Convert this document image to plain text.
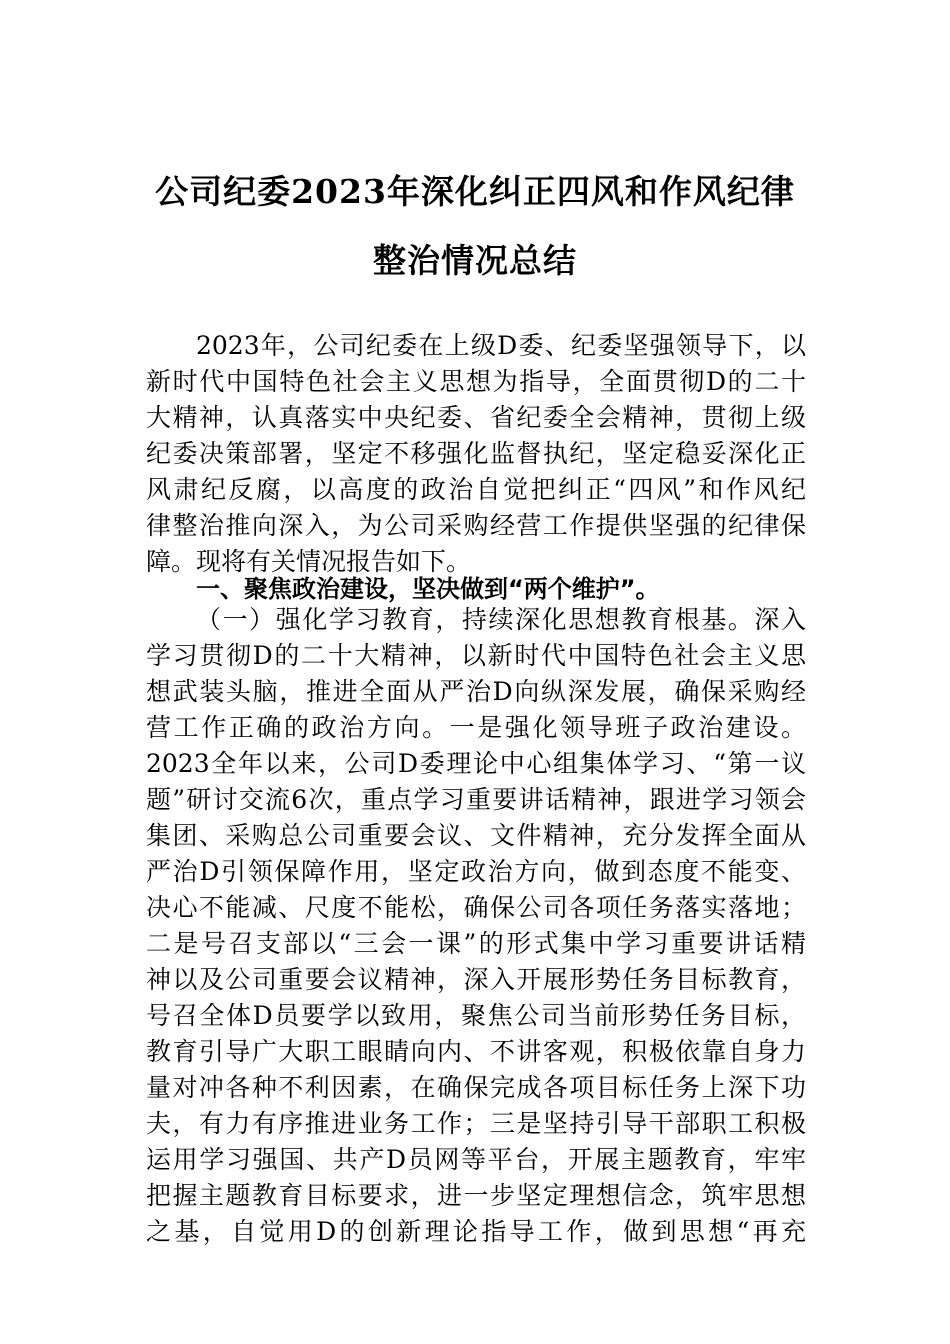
公司纪委2023年深化纠正四风和作风纪律
整治情况总结
2023年，公司纪委在上级D委、纪委坚强领导下，以
新时代中国特色社会主义思想为指导，全面贯彻D的二十
大精神，认真落实中央纪委、省纪委全会精神，贯彻上级
纪委决策部署，坚定不移强化监督执纪，坚定稳妥深化正
风肃纪反腐，以高度的政治自觉把纠正“四风”和作风纪
律整治推向深入，为公司采购经营工作提供坚强的纪律保
障。现将有关情况报告如下。
一、聚焦政治建设，坚决做到“两个维护”。
（一）强化学习教育，持续深化思想教育根基。深入
学习贯彻D的二十大精神，以新时代中国特色社会主义思
想武装头脑，推进全面从严治D向纵深发展，确保采购经
营工作正确的政治方向。一是强化领导班子政治建设。
2023全年以来，公司D委理论中心组集体学习、“第一议
题”研讨交流6次，重点学习重要讲话精神，跟进学习领会
集团、采购总公司重要会议、文件精神，充分发挥全面从
严治D引领保障作用，坚定政治方向，做到态度不能变、
决心不能减、尺度不能松，确保公司各项任务落实落地；
二是号召支部以“三会一课”的形式集中学习重要讲话精
神以及公司重要会议精神，深入开展形势任务目标教育，
号召全体D员要学以致用，聚焦公司当前形势任务目标，
教育引导广大职工眼睛向内、不讲客观，积极依靠自身力
量对冲各种不利因素，在确保完成各项目标任务上深下功
夫，有力有序推进业务工作；三是坚持引导干部职工积极
运用学习强国、共产D员网等平台，开展主题教育，牢牢
把握主题教育目标要求，进一步坚定理想信念，筑牢思想
之基，自觉用D的创新理论指导工作，做到思想“再充
